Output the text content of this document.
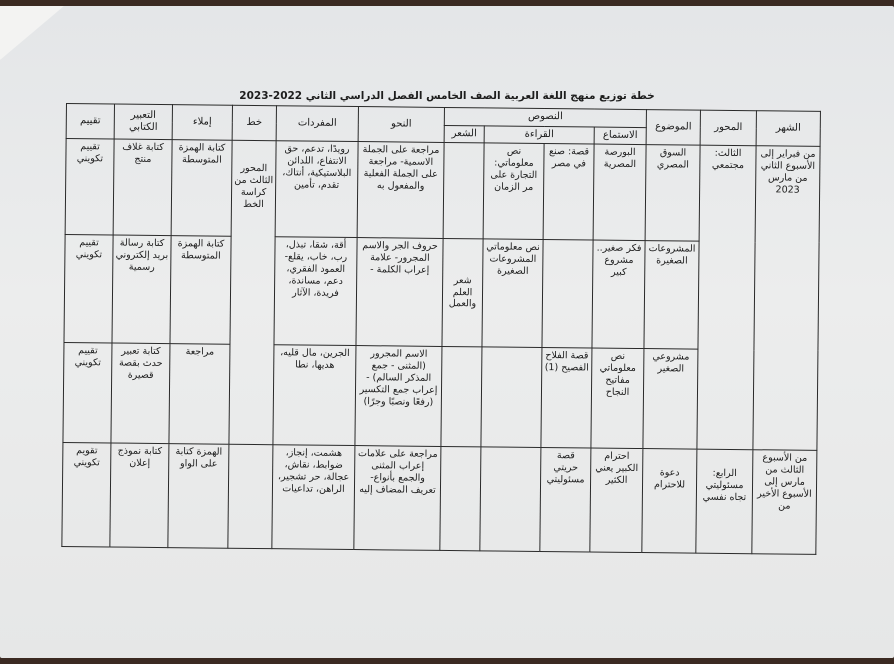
خطة توزيع منهج اللغة العربية الصف الخامس الفصل الدراسي الثاني 2022-2023
الشهر	المحور	الموضوع	النصوص				النحو	المفردات	خط	إملاء	التعبير الكتابي	تقييم
			الاستماع	القراءة		الشعر						
من فبراير إلى الأسبوع الثاني من مارس 2023	الثالث: مجتمعي	السوق المصري	البورصة المصرية	قصة: صنع في مصر	نص معلوماتي: التجارة على مر الزمان		مراجعة على الجملة الاسمية- مراجعة على الجملة الفعلية والمفعول به	رويدًا، تدعم، حق الانتفاع، اللدائن البلاستيكية، أنتاك، تقدم، تأمين	المحور الثالث من كراسة الخط	كتابة الهمزة المتوسطة	كتابة غلاف منتج	تقييم تكويني
		المشروعات الصغيرة	فكر صغير.. مشروع كبير		نص معلوماتي المشروعات الصغيرة	شعر العلم والعمل	حروف الجر والاسم المجرور- علامة إعراب الكلمة -	أقة، شقا، تبذل، رب، خاب، يقلع-العمود الفقري، دعم، مساندة، فريدة، الآثار		كتابة الهمزة المتوسطة	كتابة رسالة بريد إلكتروني رسمية	تقييم تكويني
		مشروعي الصغير	نص معلوماتي مفاتيح النجاح	قصة الفلاح الفصيح (1)			الاسم المجرور (المثنى - جمع المذكر السالم) - إعراب جمع التكسير (رفعًا ونصبًا وجرًا)	الجرين، مال قليه، هديها، نطا		مراجعة	كتابة تعبير حدث بقصة قصيرة	تقييم تكويني
من الأسبوع الثالث من مارس إلى الأسبوع الأخير من	الرابع: مسئوليتي تجاه نفسي	دعوة للاحترام	احترام الكبير يعني الكثير	قصة حريتي مسئوليتي			مراجعة على علامات إعراب المثنى والجمع بأنواع- تعريف المضاف إليه	هشمت، إنجاز، ضوابط، نقاش، عجالة، حر تشجير، الراهن، تداعيات		الهمزة كتابة على الواو	كتابة نموذج إعلان	تقويم تكويني
